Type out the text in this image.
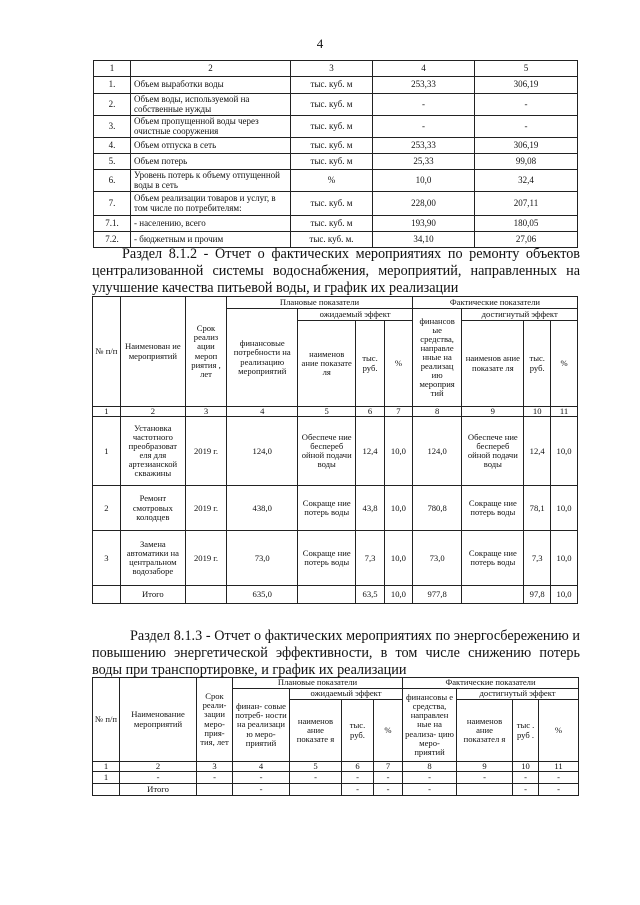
4
1	2	3	4	5
1.	Объем выработки воды	тыс. куб. м	253,33	306,19
2.	Объем воды, используемой на собственные нужды	тыс. куб. м	-	-
3.	Объем пропущенной воды через очистные сооружения	тыс. куб. м	-	-
4.	Объем отпуска в сеть	тыс. куб. м	253,33	306,19
5.	Объем потерь	тыс. куб. м	25,33	99,08
6.	Уровень потерь к объему отпущенной воды в сеть	%	10,0	32,4
7.	Объем реализации товаров и услуг, в том числе по потребителям:	тыс. куб. м	228,00	207,11
7.1.	- населению, всего	тыс. куб. м	193,90	180,05
7.2.	- бюджетным и прочим	тыс. куб. м.	34,10	27,06
Раздел 8.1.2 - Отчет о фактических мероприятиях по ремонту объектов централизованной системы водоснабжения, мероприятий, направленных на улучшение качества питьевой воды, и график их реализации
№ п/п	Наименован ие мероприятий	Срок реализ ации мероп риятия , лет	Плановые показатели				Фактические показатели			
			финансовые потребности на реализацию мероприятий	ожидаемый эффект			финансов ые средства, направле нные на реализац ию мероприя тий	достигнутый эффект		
				наименов ание показате ля	тыс. руб.	%		наименов ание показате ля	тыс. руб.	%
1	2	3	4	5	6	7	8	9	10	11
1	Установка частотного преобразоват еля для артезианской скважины	2019 г.	124,0	Обеспече ние бесперeб ойной подачи воды	12,4	10,0	124,0	Обеспече ние бесперeб ойной подачи воды	12,4	10,0
2	Ремонт смотровых колодцев	2019 г.	438,0	Сокраще ние потерь воды	43,8	10,0	780,8	Сокраще ние потерь воды	78,1	10,0
3	Замена автоматики на центральном водозаборе	2019 г.	73,0	Сокраще ние потерь воды	7,3	10,0	73,0	Сокраще ние потерь воды	7,3	10,0
	Итого		635,0		63,5	10,0	977,8		97,8	10,0
Раздел 8.1.3 - Отчет о фактических мероприятиях по энергосбережению и повышению энергетической эффективности, в том числе снижению потерь воды при транспортировке, и график их реализации
№ п/п	Наименование мероприятий	Срок реали- зации меро- прия- тия, лет	Плановые показатели				Фактические показатели			
			финан- совые потреб- ности на реализаци ю меро- приятий	ожидаемый эффект			финансовы е средства, направлен ные на реализа- цию меро- приятий	достигнутый эффект		
				наименов ание показате я	тыс. руб.	%		наименов ание показател я	тыс . руб .	%
1	2	3	4	5	6	7	8	9	10	11
1	-	-	-	-	-	-	-	-	-	-
	Итого		-		-	-	-		-	-
